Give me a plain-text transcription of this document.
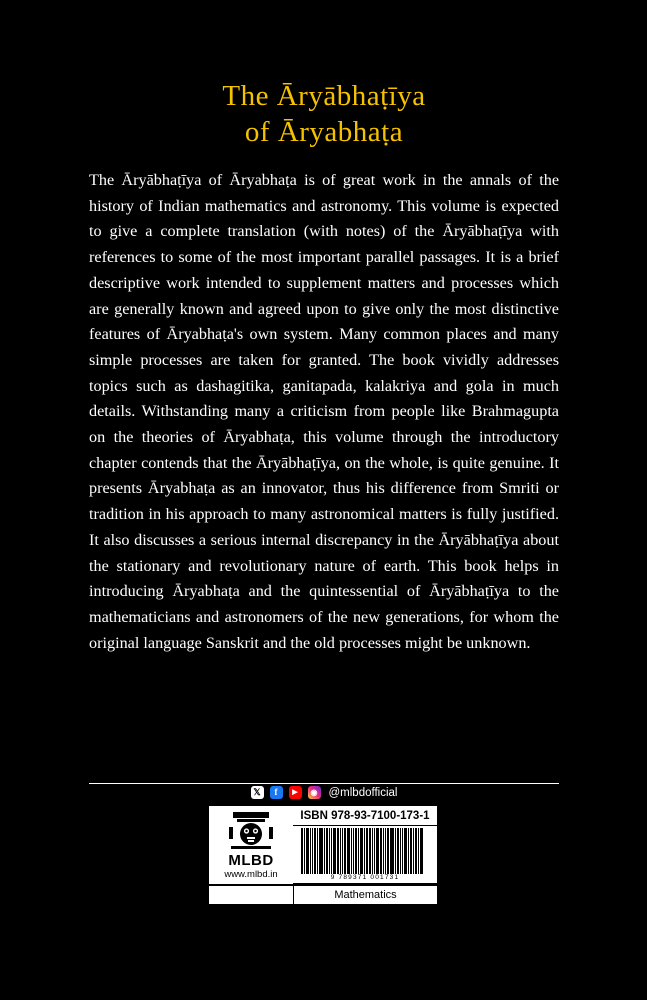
The Āryābhaṭīya
of Āryabhaṭa

The Āryābhaṭīya of Āryabhaṭa is of great work in the annals of the history of Indian mathematics and astronomy. This volume is expected to give a complete translation (with notes) of the Āryābhaṭīya with references to some of the most important parallel passages. It is a brief descriptive work intended to supplement matters and processes which are generally known and agreed upon to give only the most distinctive features of Āryabhaṭa's own system. Many common places and many simple processes are taken for granted. The book vividly addresses topics such as dashagitika, ganitapada, kalakriya and gola in much details. Withstanding many a criticism from people like Brahmagupta on the theories of Āryabhaṭa, this volume through the introductory chapter contends that the Āryābhaṭīya, on the whole, is quite genuine. It presents Āryabhaṭa as an innovator, thus his difference from Smriti or tradition in his approach to many astronomical matters is fully justified. It also discusses a serious internal discrepancy in the Āryābhaṭīya about the stationary and revolutionary nature of earth. This book helps in introducing Āryabhaṭa and the quintessential of Āryābhaṭīya to the mathematicians and astronomers of the new generations, for whom the original language Sanskrit and the old processes might be unknown.

𝕏	f	▶	◉ @mlbdofficial
MLBD
www.mlbd.in
ISBN 978-93-7100-173-1
9 789371 001731
Mathematics
